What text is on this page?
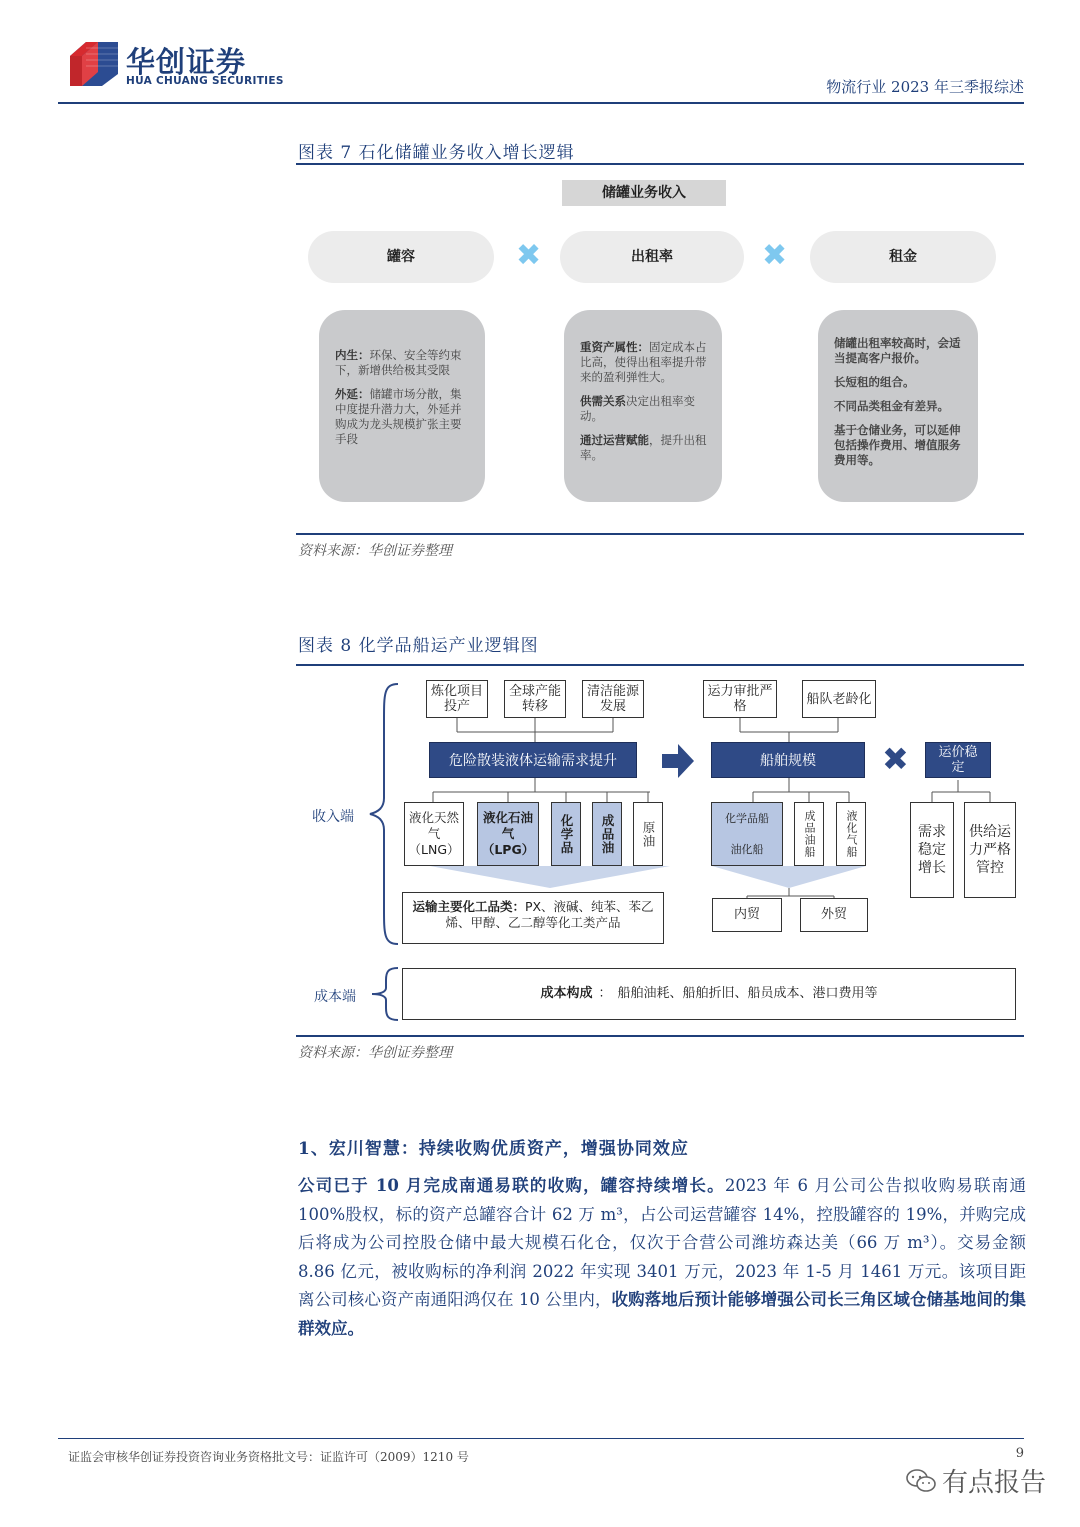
华创证券
HUA CHUANG SECURITIES	物流行业 2023 年三季报综述
图表 7 石化储罐业务收入增长逻辑
储罐业务收入
罐容	✖	出租率	✖	租金

内生：环保、安全等约束下，新增供给极其受限

外延：储罐市场分散，集中度提升潜力大，外延并购成为龙头规模扩张主要手段

重资产属性：固定成本占比高，使得出租率提升带来的盈利弹性大。

供需关系决定出租率变动。

通过运营赋能，提升出租率。

储罐出租率较高时，会适当提高客户报价。

长短租的组合。

不同品类租金有差异。

基于仓储业务，可以延伸包括操作费用、增值服务费用等。

资料来源：华创证券整理
图表 8 化学品船运产业逻辑图
收入端
成本端
炼化项目投产
全球产能转移
清洁能源发展
运力审批严格	船队老龄化
危险散装液体运输需求提升	船舶规模	✖	运价稳定
液化天然气（LNG）
液化石油气（LPG）	化学品	成品油	原油
化学品船
油化船	成品油船	液化气船	需求稳定增长
供给运力严格管控
运输主要化工品类：PX、液碱、纯苯、苯乙烯、甲醇、乙二醇等化工类产品
内贸	外贸
成本构成 ： 船舶油耗、船舶折旧、船员成本、港口费用等
资料来源：华创证券整理
1、宏川智慧：持续收购优质资产，增强协同效应
公司已于 10 月完成南通易联的收购，罐容持续增长。2023 年 6 月公司公告拟收购易联南通 100%股权，标的资产总罐容合计 62 万 m³，占公司运营罐容 14%，控股罐容的 19%，并购完成后将成为公司控股仓储中最大规模石化仓，仅次于合营公司潍坊森达美（66 万 m³）。交易金额 8.86 亿元，被收购标的净利润 2022 年实现 3401 万元，2023 年 1-5 月 1461 万元。该项目距离公司核心资产南通阳鸿仅在 10 公里内，收购落地后预计能够增强公司长三角区域仓储基地间的集群效应。
证监会审核华创证券投资咨询业务资格批文号：证监许可（2009）1210 号	9
有点报告
